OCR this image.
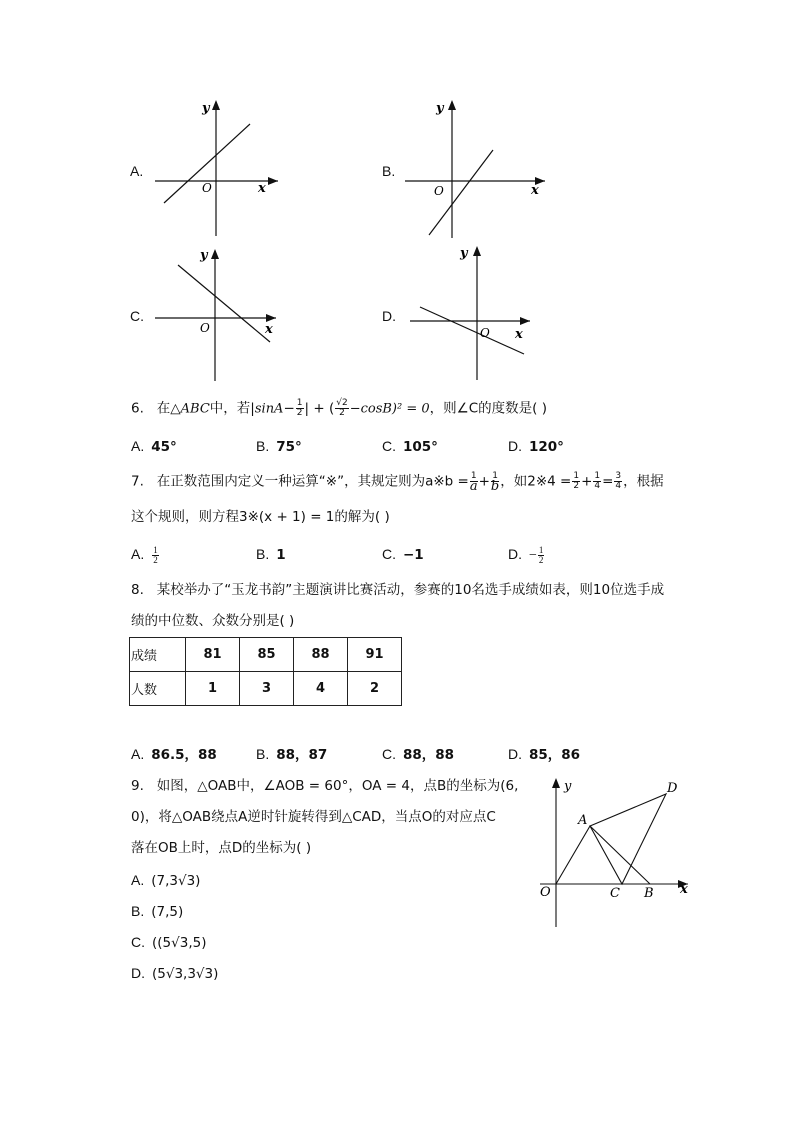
A.
y
x
O
B.
y
x
O
C.
y
x
O
D.
y
x
O
6. 在△ABC中，若$|\sin A- \frac{1}{2}$ | + ( $\frac{√2}{2} -\cos B)^2 = 0$，则∠C的度数是( )
A. 45°	B. 75°	C. 105°	D. 120°
7. 在正数范围内定义一种运算“※”，其规定则为a※b = $\frac{1}{a} + \frac{1}{b}$ ，如2※4 = $\frac{1}{2} + \frac{1}{4} = \frac{3}{4}$ ，根据
这个规则，则方程3※(x + 1) = 1的解为( )
A. $\frac{1}{2}$	B. 1	C. −1	D. − $\frac{1}{2}$
8. 某校举办了“玉龙书韵”主题演讲比赛活动，参赛的10名选手成绩如表，则10位选手成
绩的中位数、众数分别是( )
成绩	81	85	88	91
人数	1	3	4	2
A. 86.5，88	B. 88，87	C. 88，88	D. 85，86
9. 如图，△OAB中，∠AOB = 60°，OA = 4，点B的坐标为(6,
0)，将△OAB绕点A逆时针旋转得到△CAD，当点O的对应点C
落在OB上时，点D的坐标为( )
A. (7,3√3)
B. (7,5)
C. ((5√3,5)
D. (5√3,3√3)
y
x
O
A
B
C
D
